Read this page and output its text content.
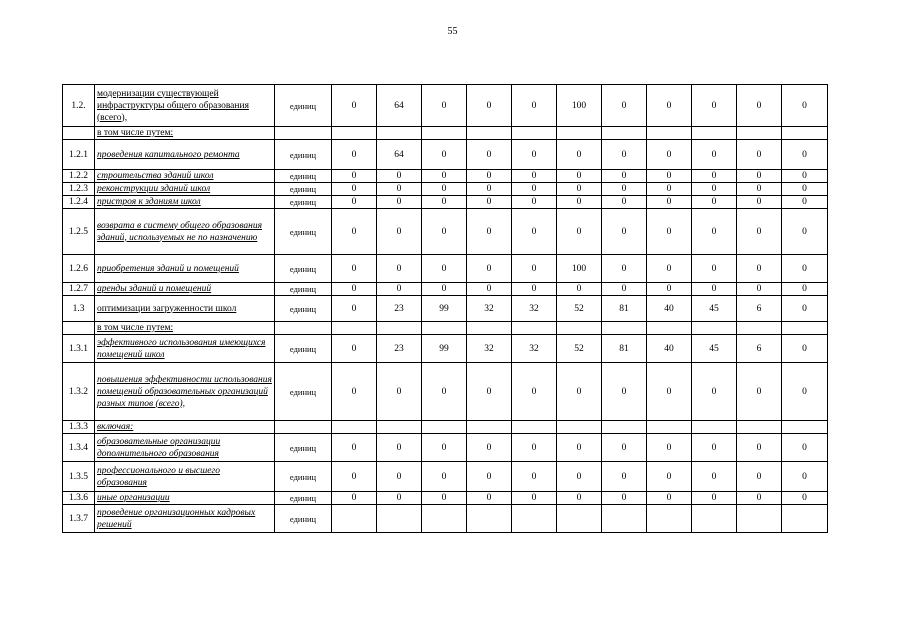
55
1.2.	модернизации существующей инфраструктуры общего образования (всего),	единиц	0	64	0	0	0	100	0	0	0	0	0
	в том числе путем:												
1.2.1	проведения капитального ремонта	единиц	0	64	0	0	0	0	0	0	0	0	0
1.2.2	строительства зданий школ	единиц	0	0	0	0	0	0	0	0	0	0	0
1.2.3	реконструкции зданий школ	единиц	0	0	0	0	0	0	0	0	0	0	0
1.2.4	пристроя к зданиям школ	единиц	0	0	0	0	0	0	0	0	0	0	0
1.2.5	возврата в систему общего образования зданий, используемых не по назначению	единиц	0	0	0	0	0	0	0	0	0	0	0
1.2.6	приобретения зданий и помещений	единиц	0	0	0	0	0	100	0	0	0	0	0
1.2.7	аренды зданий и помещений	единиц	0	0	0	0	0	0	0	0	0	0	0
1.3	оптимизации загруженности школ	единиц	0	23	99	32	32	52	81	40	45	6	0
	в том числе путем:												
1.3.1	эффективного использования имеющихся помещений школ	единиц	0	23	99	32	32	52	81	40	45	6	0
1.3.2	повышения эффективности использования помещений образовательных организаций разных типов (всего),	единиц	0	0	0	0	0	0	0	0	0	0	0
1.3.3	включая:												
1.3.4	образовательные организации дополнительного образования	единиц	0	0	0	0	0	0	0	0	0	0	0
1.3.5	профессионального и высшего образования	единиц	0	0	0	0	0	0	0	0	0	0	0
1.3.6	иные организации	единиц	0	0	0	0	0	0	0	0	0	0	0
1.3.7	проведение организационных кадровых решений	единиц											
